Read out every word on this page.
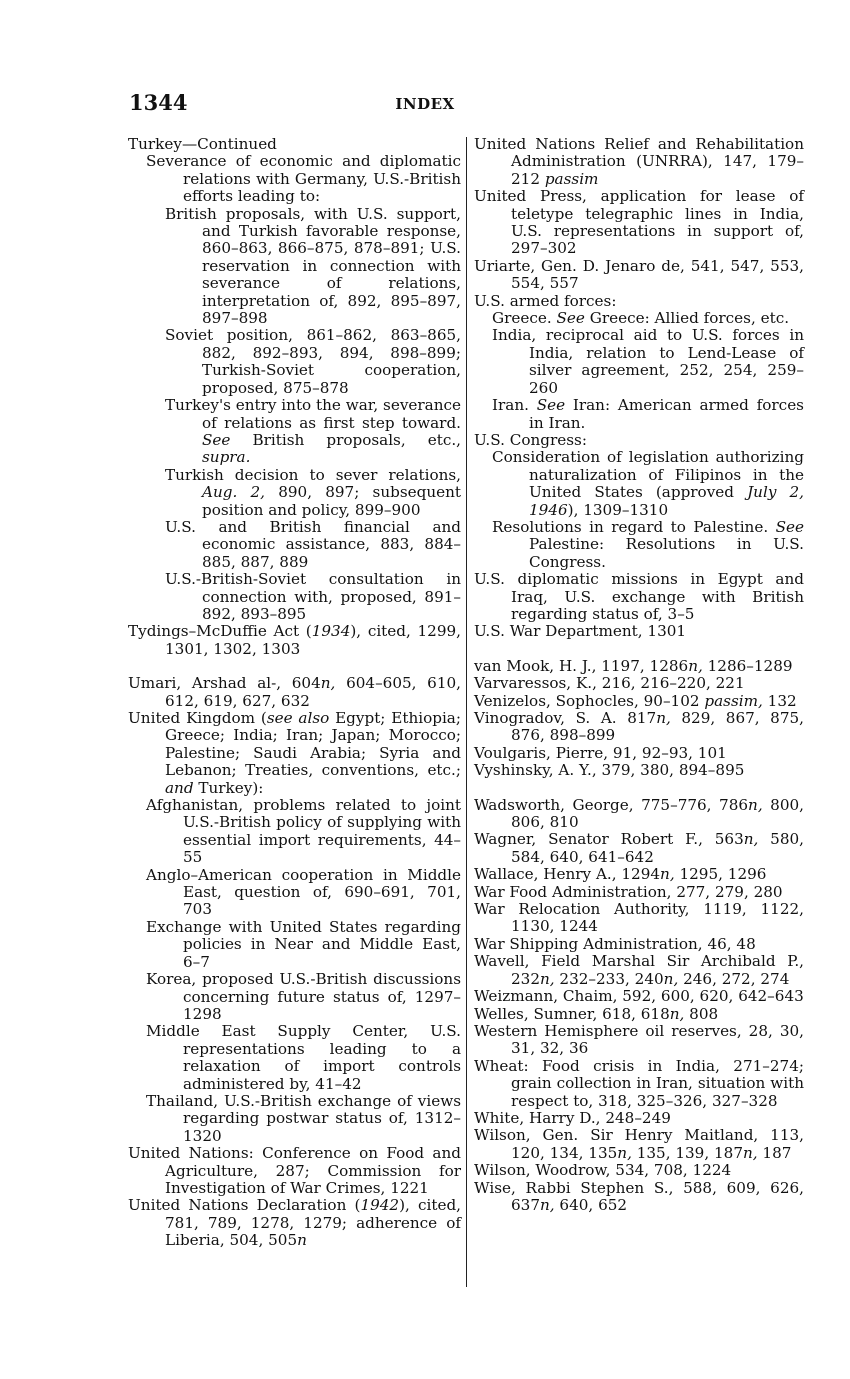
1344	INDEX
Turkey—Continued
Severance of economic and diplomatic relations with Germany, U.S.-British efforts leading to:
British proposals, with U.S. support, and Turkish favorable response, 860–863, 866–875, 878–891; U.S. reservation in connection with severance of relations, interpretation of, 892, 895–897, 897–898
Soviet position, 861–862, 863–865, 882, 892–893, 894, 898–899; Turkish-Soviet cooperation, proposed, 875–878
Turkey's entry into the war, severance of relations as first step toward. See British proposals, etc., supra.
Turkish decision to sever relations, Aug. 2, 890, 897; subsequent position and policy, 899–900
U.S. and British financial and economic assistance, 883, 884–885, 887, 889
U.S.-British-Soviet consultation in connection with, proposed, 891–892, 893–895
Tydings–McDuffie Act (1934), cited, 1299, 1301, 1302, 1303
Umari, Arshad al-, 604n, 604–605, 610, 612, 619, 627, 632
United Kingdom (see also Egypt; Ethiopia; Greece; India; Iran; Japan; Morocco; Palestine; Saudi Arabia; Syria and Lebanon; Treaties, conventions, etc.; and Turkey):
Afghanistan, problems related to joint U.S.-British policy of supplying with essential import requirements, 44–55
Anglo–American cooperation in Middle East, question of, 690–691, 701, 703
Exchange with United States regarding policies in Near and Middle East, 6–7
Korea, proposed U.S.-British discussions concerning future status of, 1297–1298
Middle East Supply Center, U.S. representations leading to a relaxation of import controls administered by, 41–42
Thailand, U.S.-British exchange of views regarding postwar status of, 1312–1320
United Nations: Conference on Food and Agriculture, 287; Commission for Investigation of War Crimes, 1221
United Nations Declaration (1942), cited, 781, 789, 1278, 1279; adherence of Liberia, 504, 505n
United Nations Relief and Rehabilitation Administration (UNRRA), 147, 179–212 passim
United Press, application for lease of teletype telegraphic lines in India, U.S. representations in support of, 297–302
Uriarte, Gen. D. Jenaro de, 541, 547, 553, 554, 557
U.S. armed forces:
Greece. See Greece: Allied forces, etc.
India, reciprocal aid to U.S. forces in India, relation to Lend-Lease of silver agreement, 252, 254, 259–260
Iran. See Iran: American armed forces in Iran.
U.S. Congress:
Consideration of legislation authorizing naturalization of Filipinos in the United States (approved July 2, 1946), 1309–1310
Resolutions in regard to Palestine. See Palestine: Resolutions in U.S. Congress.
U.S. diplomatic missions in Egypt and Iraq, U.S. exchange with British regarding status of, 3–5
U.S. War Department, 1301
van Mook, H. J., 1197, 1286n, 1286–1289
Varvaressos, K., 216, 216–220, 221
Venizelos, Sophocles, 90–102 passim, 132
Vinogradov, S. A. 817n, 829, 867, 875, 876, 898–899
Voulgaris, Pierre, 91, 92–93, 101
Vyshinsky, A. Y., 379, 380, 894–895
Wadsworth, George, 775–776, 786n, 800, 806, 810
Wagner, Senator Robert F., 563n, 580, 584, 640, 641–642
Wallace, Henry A., 1294n, 1295, 1296
War Food Administration, 277, 279, 280
War Relocation Authority, 1119, 1122, 1130, 1244
War Shipping Administration, 46, 48
Wavell, Field Marshal Sir Archibald P., 232n, 232–233, 240n, 246, 272, 274
Weizmann, Chaim, 592, 600, 620, 642–643
Welles, Sumner, 618, 618n, 808
Western Hemisphere oil reserves, 28, 30, 31, 32, 36
Wheat: Food crisis in India, 271–274; grain collection in Iran, situation with respect to, 318, 325–326, 327–328
White, Harry D., 248–249
Wilson, Gen. Sir Henry Maitland, 113, 120, 134, 135n, 135, 139, 187n, 187
Wilson, Woodrow, 534, 708, 1224
Wise, Rabbi Stephen S., 588, 609, 626, 637n, 640, 652
